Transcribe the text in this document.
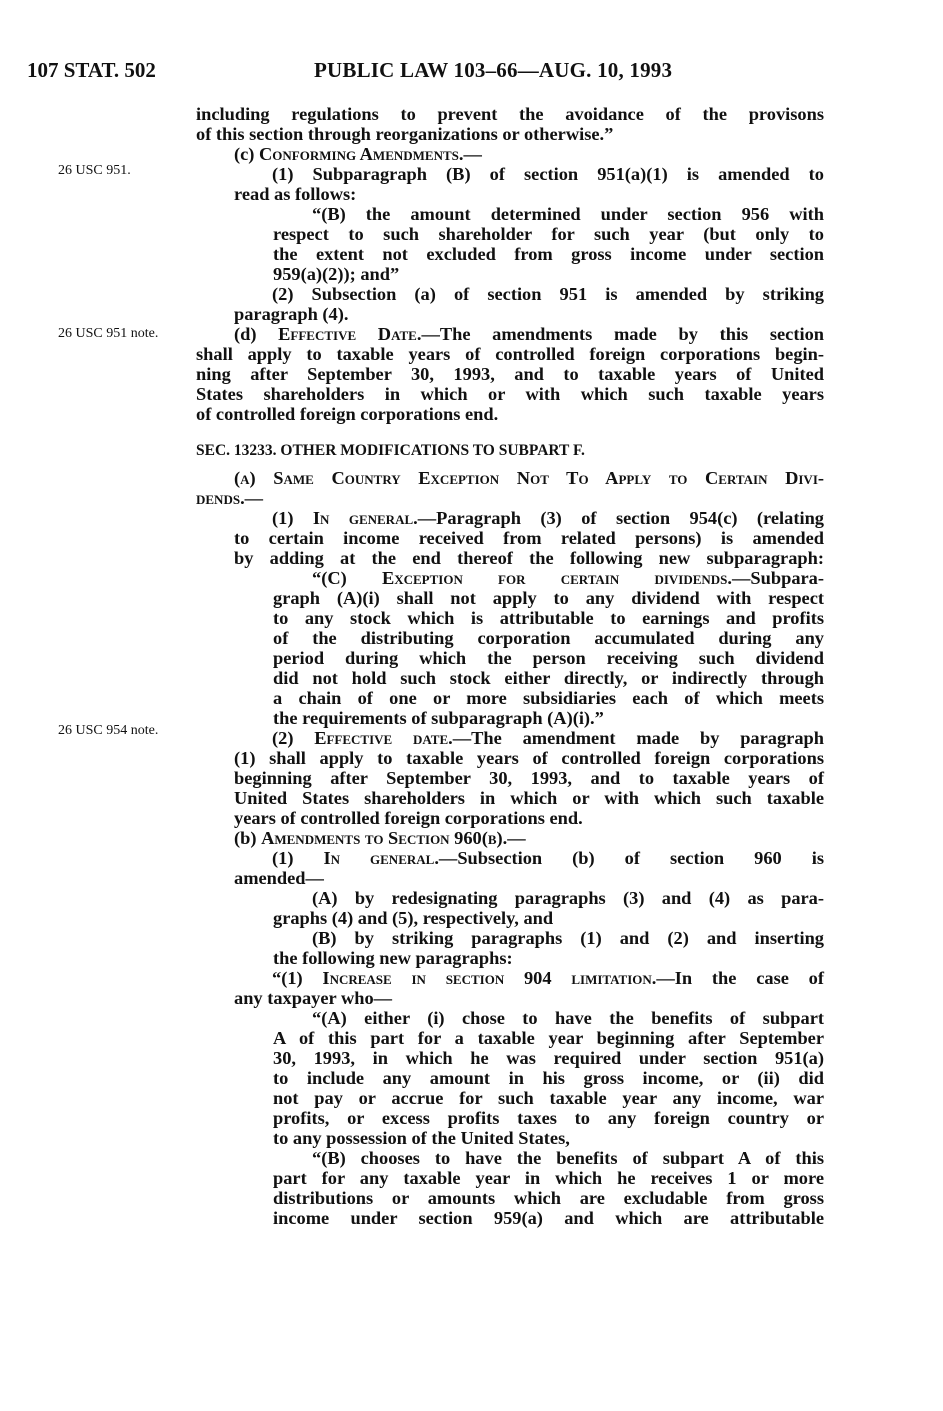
107 STAT. 502	PUBLIC LAW 103–66—AUG. 10, 1993
26 USC 951.
26 USC 951 note.
26 USC 954 note.
including regulations to prevent the avoidance of the provisons
of this section through reorganizations or otherwise.”
(c) Conforming Amendments.—
(1) Subparagraph (B) of section 951(a)(1) is amended to
read as follows:
“(B) the amount determined under section 956 with
respect to such shareholder for such year (but only to
the extent not excluded from gross income under section
959(a)(2)); and”
(2) Subsection (a) of section 951 is amended by striking
paragraph (4).
(d) Effective Date.—The amendments made by this section
shall apply to taxable years of controlled foreign corporations begin-
ning after September 30, 1993, and to taxable years of United
States shareholders in which or with which such taxable years
of controlled foreign corporations end.
SEC. 13233. OTHER MODIFICATIONS TO SUBPART F.
(a) Same Country Exception Not To Apply to Certain Divi-
dends.—
(1) In general.—Paragraph (3) of section 954(c) (relating
to certain income received from related persons) is amended
by adding at the end thereof the following new subparagraph:
“(C) Exception for certain dividends.—Subpara-
graph (A)(i) shall not apply to any dividend with respect
to any stock which is attributable to earnings and profits
of the distributing corporation accumulated during any
period during which the person receiving such dividend
did not hold such stock either directly, or indirectly through
a chain of one or more subsidiaries each of which meets
the requirements of subparagraph (A)(i).”
(2) Effective date.—The amendment made by paragraph
(1) shall apply to taxable years of controlled foreign corporations
beginning after September 30, 1993, and to taxable years of
United States shareholders in which or with which such taxable
years of controlled foreign corporations end.
(b) Amendments to Section 960(b).—
(1) In general.—Subsection (b) of section 960 is
amended—
(A) by redesignating paragraphs (3) and (4) as para-
graphs (4) and (5), respectively, and
(B) by striking paragraphs (1) and (2) and inserting
the following new paragraphs:
“(1) Increase in section 904 limitation.—In the case of
any taxpayer who—
“(A) either (i) chose to have the benefits of subpart
A of this part for a taxable year beginning after September
30, 1993, in which he was required under section 951(a)
to include any amount in his gross income, or (ii) did
not pay or accrue for such taxable year any income, war
profits, or excess profits taxes to any foreign country or
to any possession of the United States,
“(B) chooses to have the benefits of subpart A of this
part for any taxable year in which he receives 1 or more
distributions or amounts which are excludable from gross
income under section 959(a) and which are attributable
